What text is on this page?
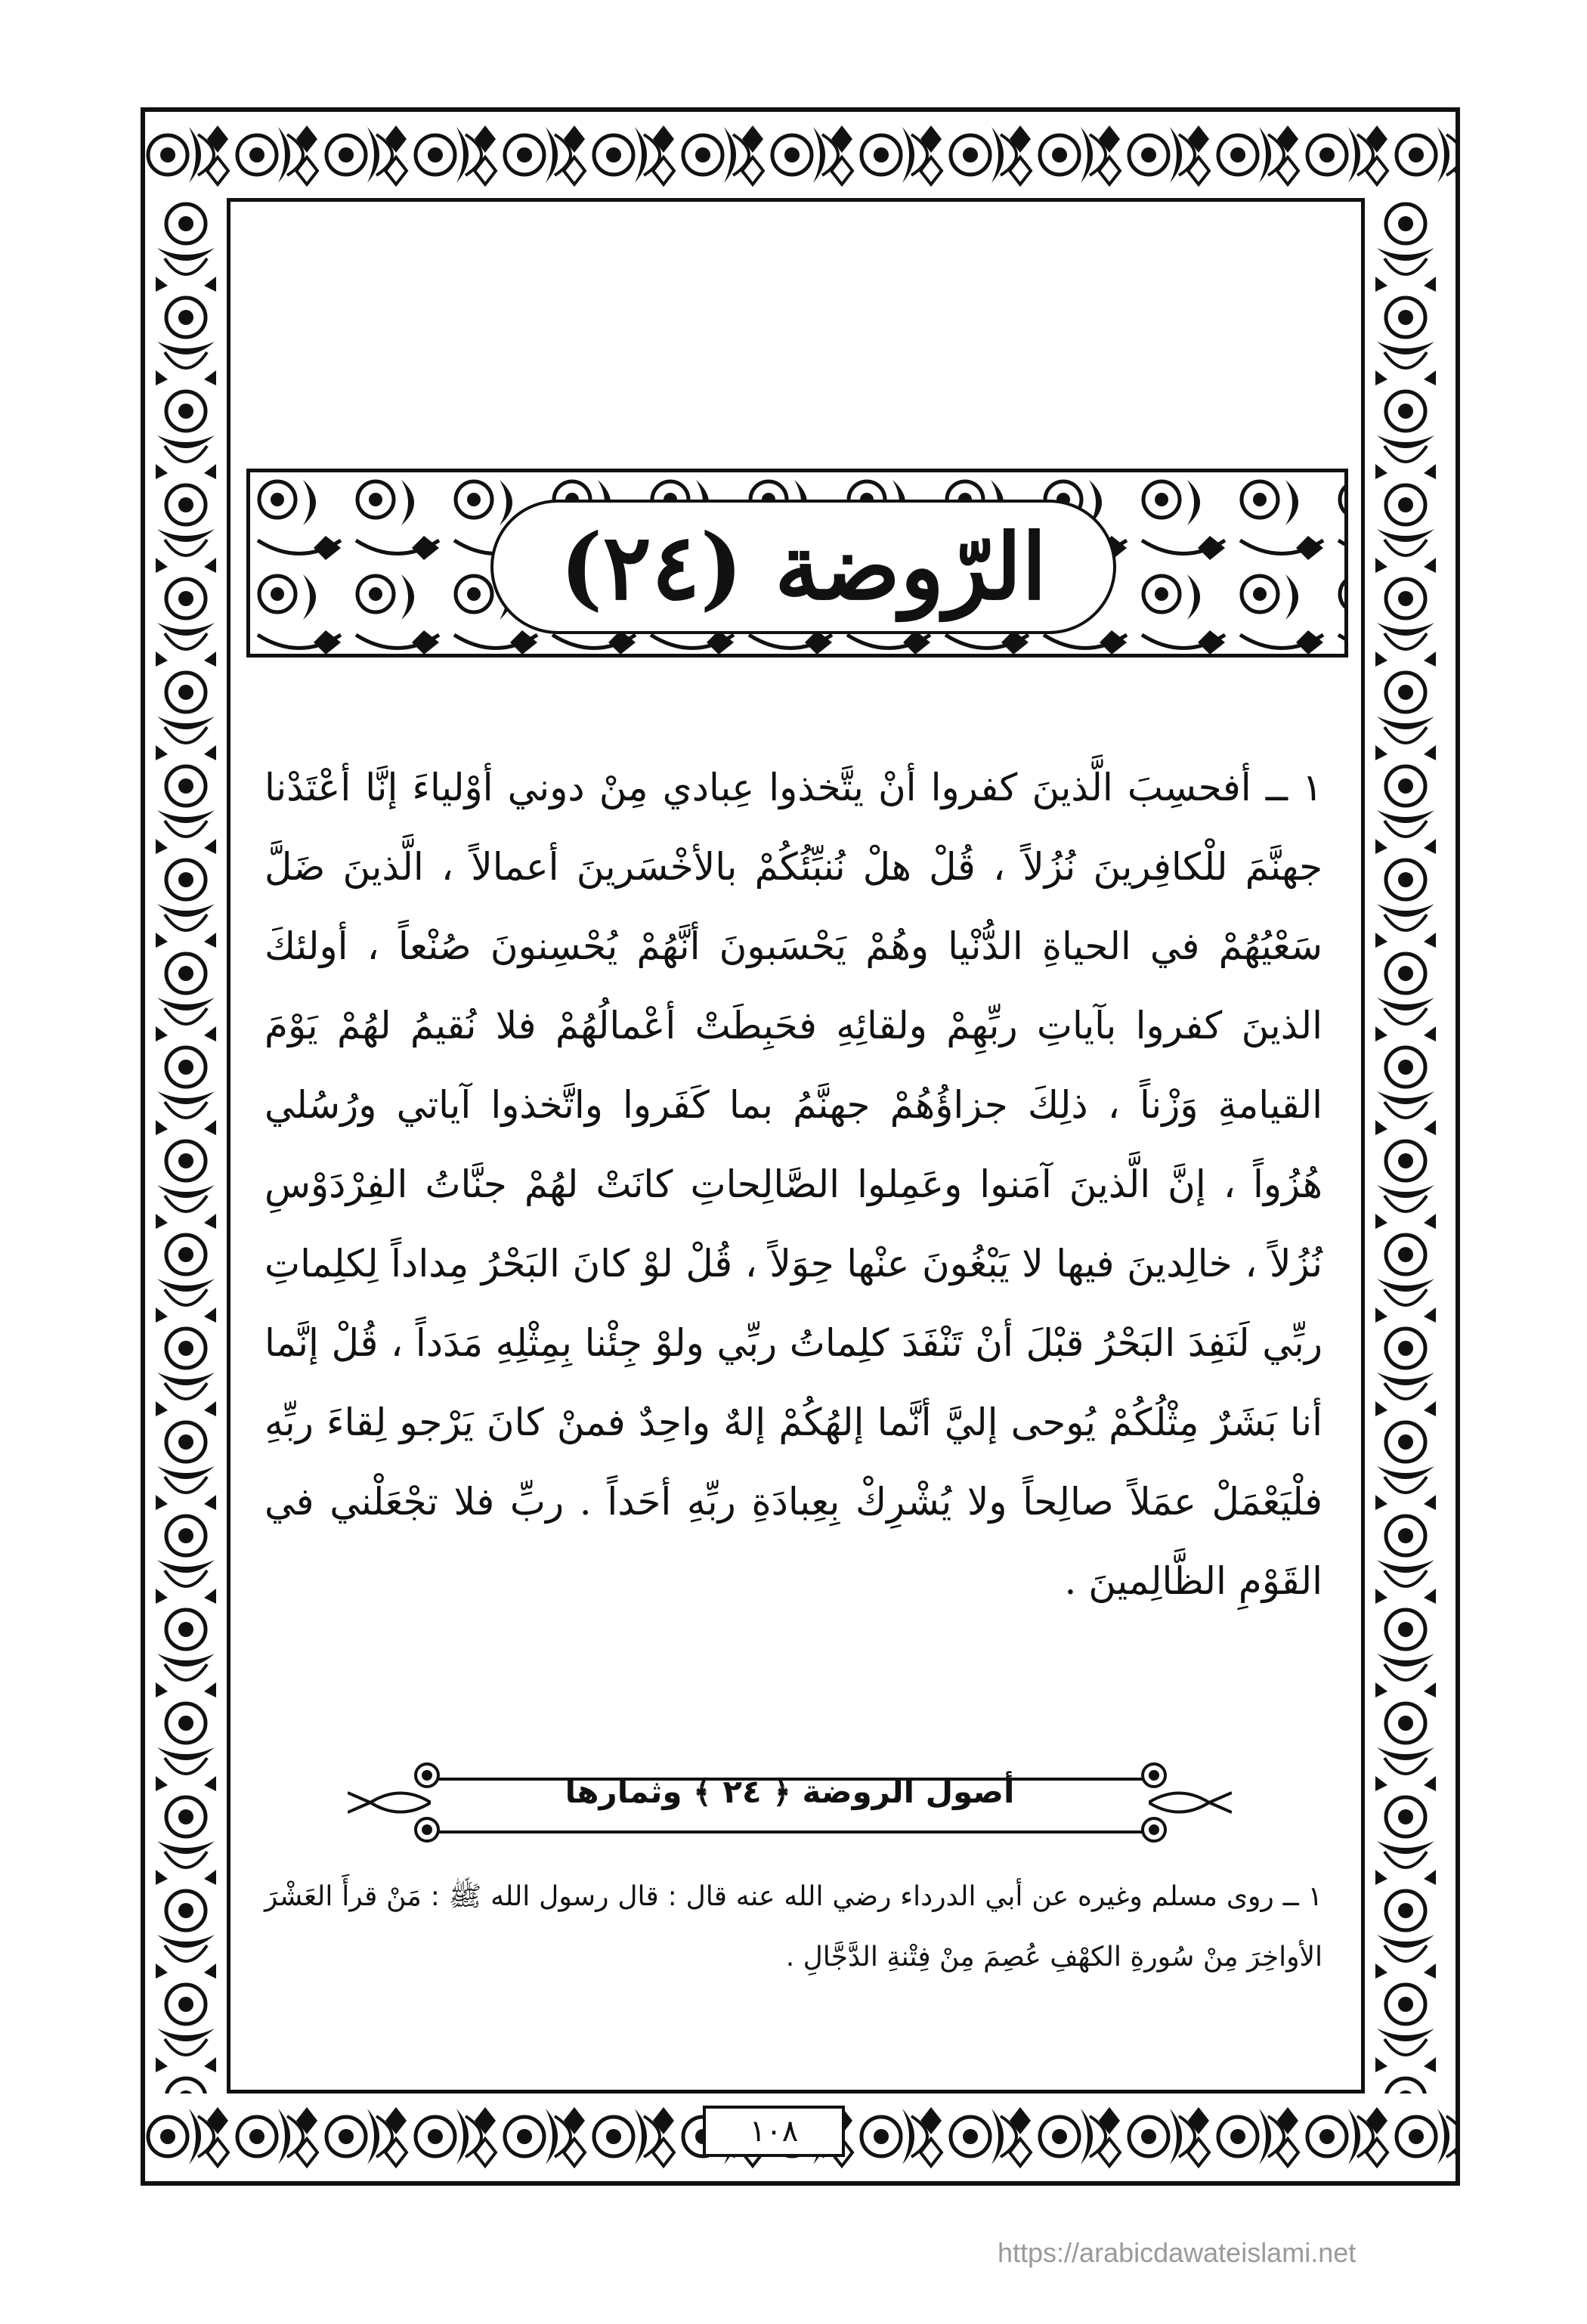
الرّوضة (٢٤)
١ ــ أفحسِبَ الَّذينَ كفروا أنْ يتَّخذوا عِبادي مِنْ دوني أوْلياءَ إنَّا أعْتَدْنا جهنَّمَ للْكافِرينَ نُزُلاً ، قُلْ هلْ نُنبِّئُكُمْ بالأخْسَرينَ أعمالاً ، الَّذينَ ضَلَّ سَعْيُهُمْ في الحياةِ الدُّنْيا وهُمْ يَحْسَبونَ أنَّهُمْ يُحْسِنونَ صُنْعاً ، أولئكَ الذينَ كفروا بآياتِ ربِّهِمْ ولقائِهِ فحَبِطَتْ أعْمالُهُمْ فلا نُقيمُ لهُمْ يَوْمَ القيامةِ وَزْناً ، ذلِكَ جزاؤُهُمْ جهنَّمُ بما كَفَروا واتَّخذوا آياتي ورُسُلي هُزُواً ، إنَّ الَّذينَ آمَنوا وعَمِلوا الصَّالِحاتِ كانَتْ لهُمْ جنَّاتُ الفِرْدَوْسِ نُزُلاً ، خالِدينَ فيها لا يَبْغُونَ عنْها حِوَلاً ، قُلْ لوْ كانَ البَحْرُ مِداداً لِكلِماتِ ربِّي لَنَفِدَ البَحْرُ قبْلَ أنْ تَنْفَدَ كلِماتُ ربِّي ولوْ جِئْنا بِمِثْلِهِ مَدَداً ، قُلْ إنَّما أنا بَشَرٌ مِثْلُكُمْ يُوحى إليَّ أنَّما إلهُكُمْ إلهٌ واحِدٌ فمنْ كانَ يَرْجو لِقاءَ ربِّهِ فلْيَعْمَلْ عمَلاً صالِحاً ولا يُشْرِكْ بِعِبادَةِ ربِّهِ أحَداً . ربِّ فلا تجْعَلْني في القَوْمِ الظَّالِمينَ .
أصول الروضة ﴿ ٢٤ ﴾ وثمارها
١ ــ روى مسلم وغيره عن أبي الدرداء رضي الله عنه قال : قال رسول الله ﷺ : مَنْ قرأَ العَشْرَ الأواخِرَ مِنْ سُورةِ الكهْفِ عُصِمَ مِنْ فِتْنةِ الدَّجَّالِ .
١٠٨
https://arabicdawateislami.net
